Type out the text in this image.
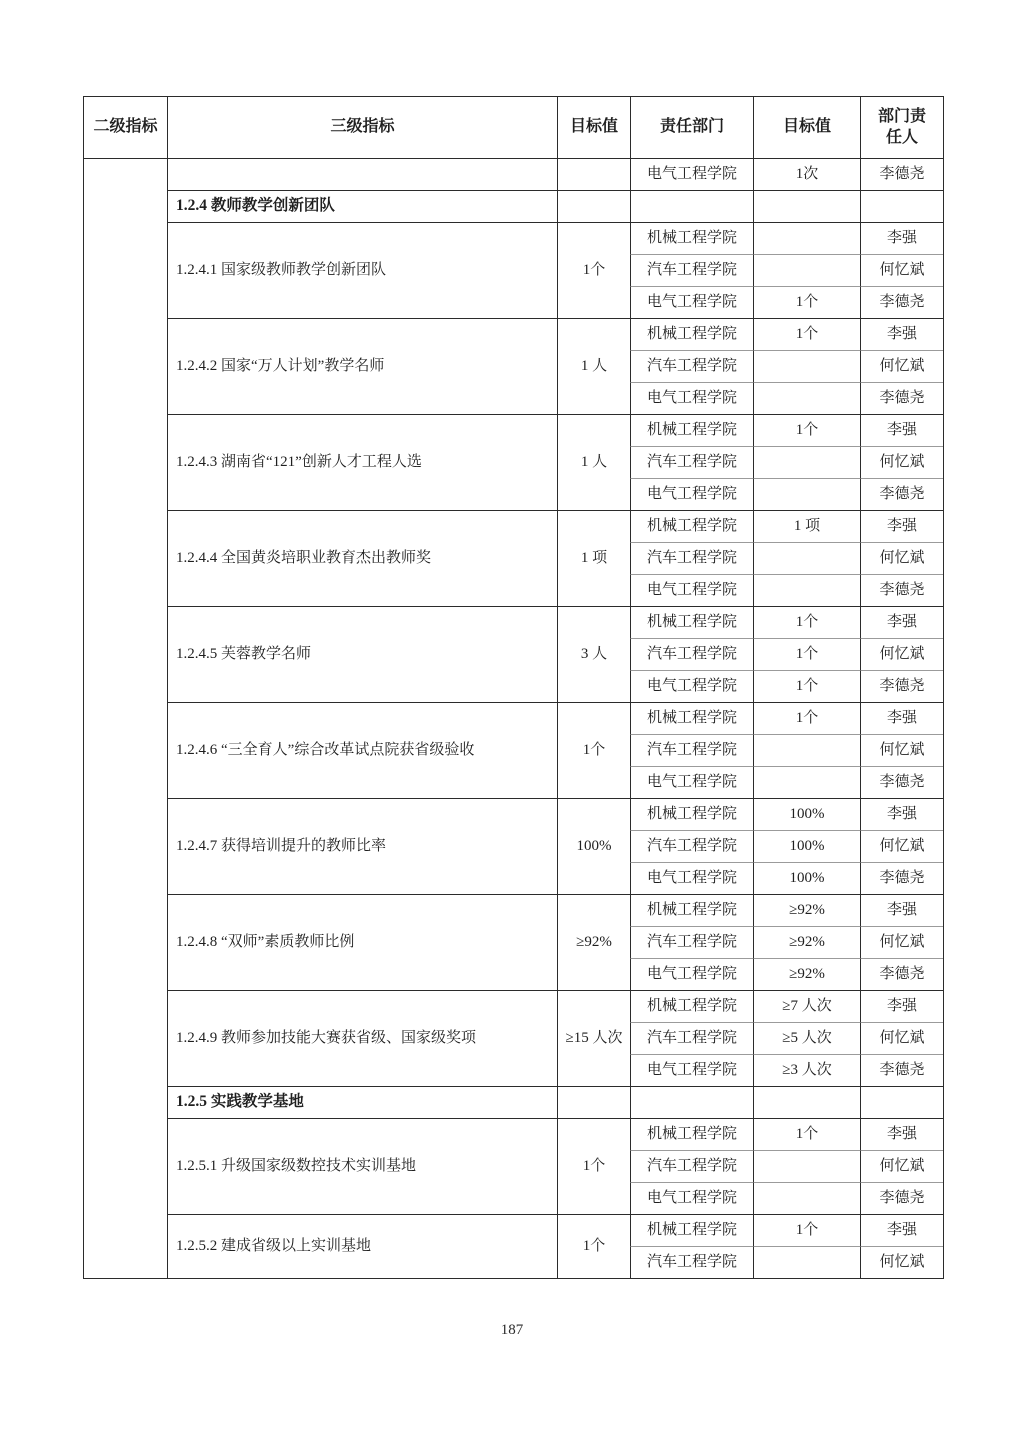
二级指标	三级指标	目标值	责任部门	目标值	部门责任人
			电气工程学院	1次	李德尧
	1.2.4 教师教学创新团队				
	1.2.4.1 国家级教师教学创新团队	1个	机械工程学院		李强
			汽车工程学院		何忆斌
			电气工程学院	1个	李德尧
	1.2.4.2 国家“万人计划”教学名师	1 人	机械工程学院	1个	李强
			汽车工程学院		何忆斌
			电气工程学院		李德尧
	1.2.4.3 湖南省“121”创新人才工程人选	1 人	机械工程学院	1个	李强
			汽车工程学院		何忆斌
			电气工程学院		李德尧
	1.2.4.4 全国黄炎培职业教育杰出教师奖	1 项	机械工程学院	1 项	李强
			汽车工程学院		何忆斌
			电气工程学院		李德尧
	1.2.4.5 芙蓉教学名师	3 人	机械工程学院	1个	李强
			汽车工程学院	1个	何忆斌
			电气工程学院	1个	李德尧
	1.2.4.6 “三全育人”综合改革试点院获省级验收	1个	机械工程学院	1个	李强
			汽车工程学院		何忆斌
			电气工程学院		李德尧
	1.2.4.7 获得培训提升的教师比率	100%	机械工程学院	100%	李强
			汽车工程学院	100%	何忆斌
			电气工程学院	100%	李德尧
	1.2.4.8 “双师”素质教师比例	≥92%	机械工程学院	≥92%	李强
			汽车工程学院	≥92%	何忆斌
			电气工程学院	≥92%	李德尧
	1.2.4.9 教师参加技能大赛获省级、国家级奖项	≥15 人次	机械工程学院	≥7 人次	李强
			汽车工程学院	≥5 人次	何忆斌
			电气工程学院	≥3 人次	李德尧
	1.2.5 实践教学基地				
	1.2.5.1 升级国家级数控技术实训基地	1个	机械工程学院	1个	李强
			汽车工程学院		何忆斌
			电气工程学院		李德尧
	1.2.5.2 建成省级以上实训基地	1个	机械工程学院	1个	李强
			汽车工程学院		何忆斌
187
